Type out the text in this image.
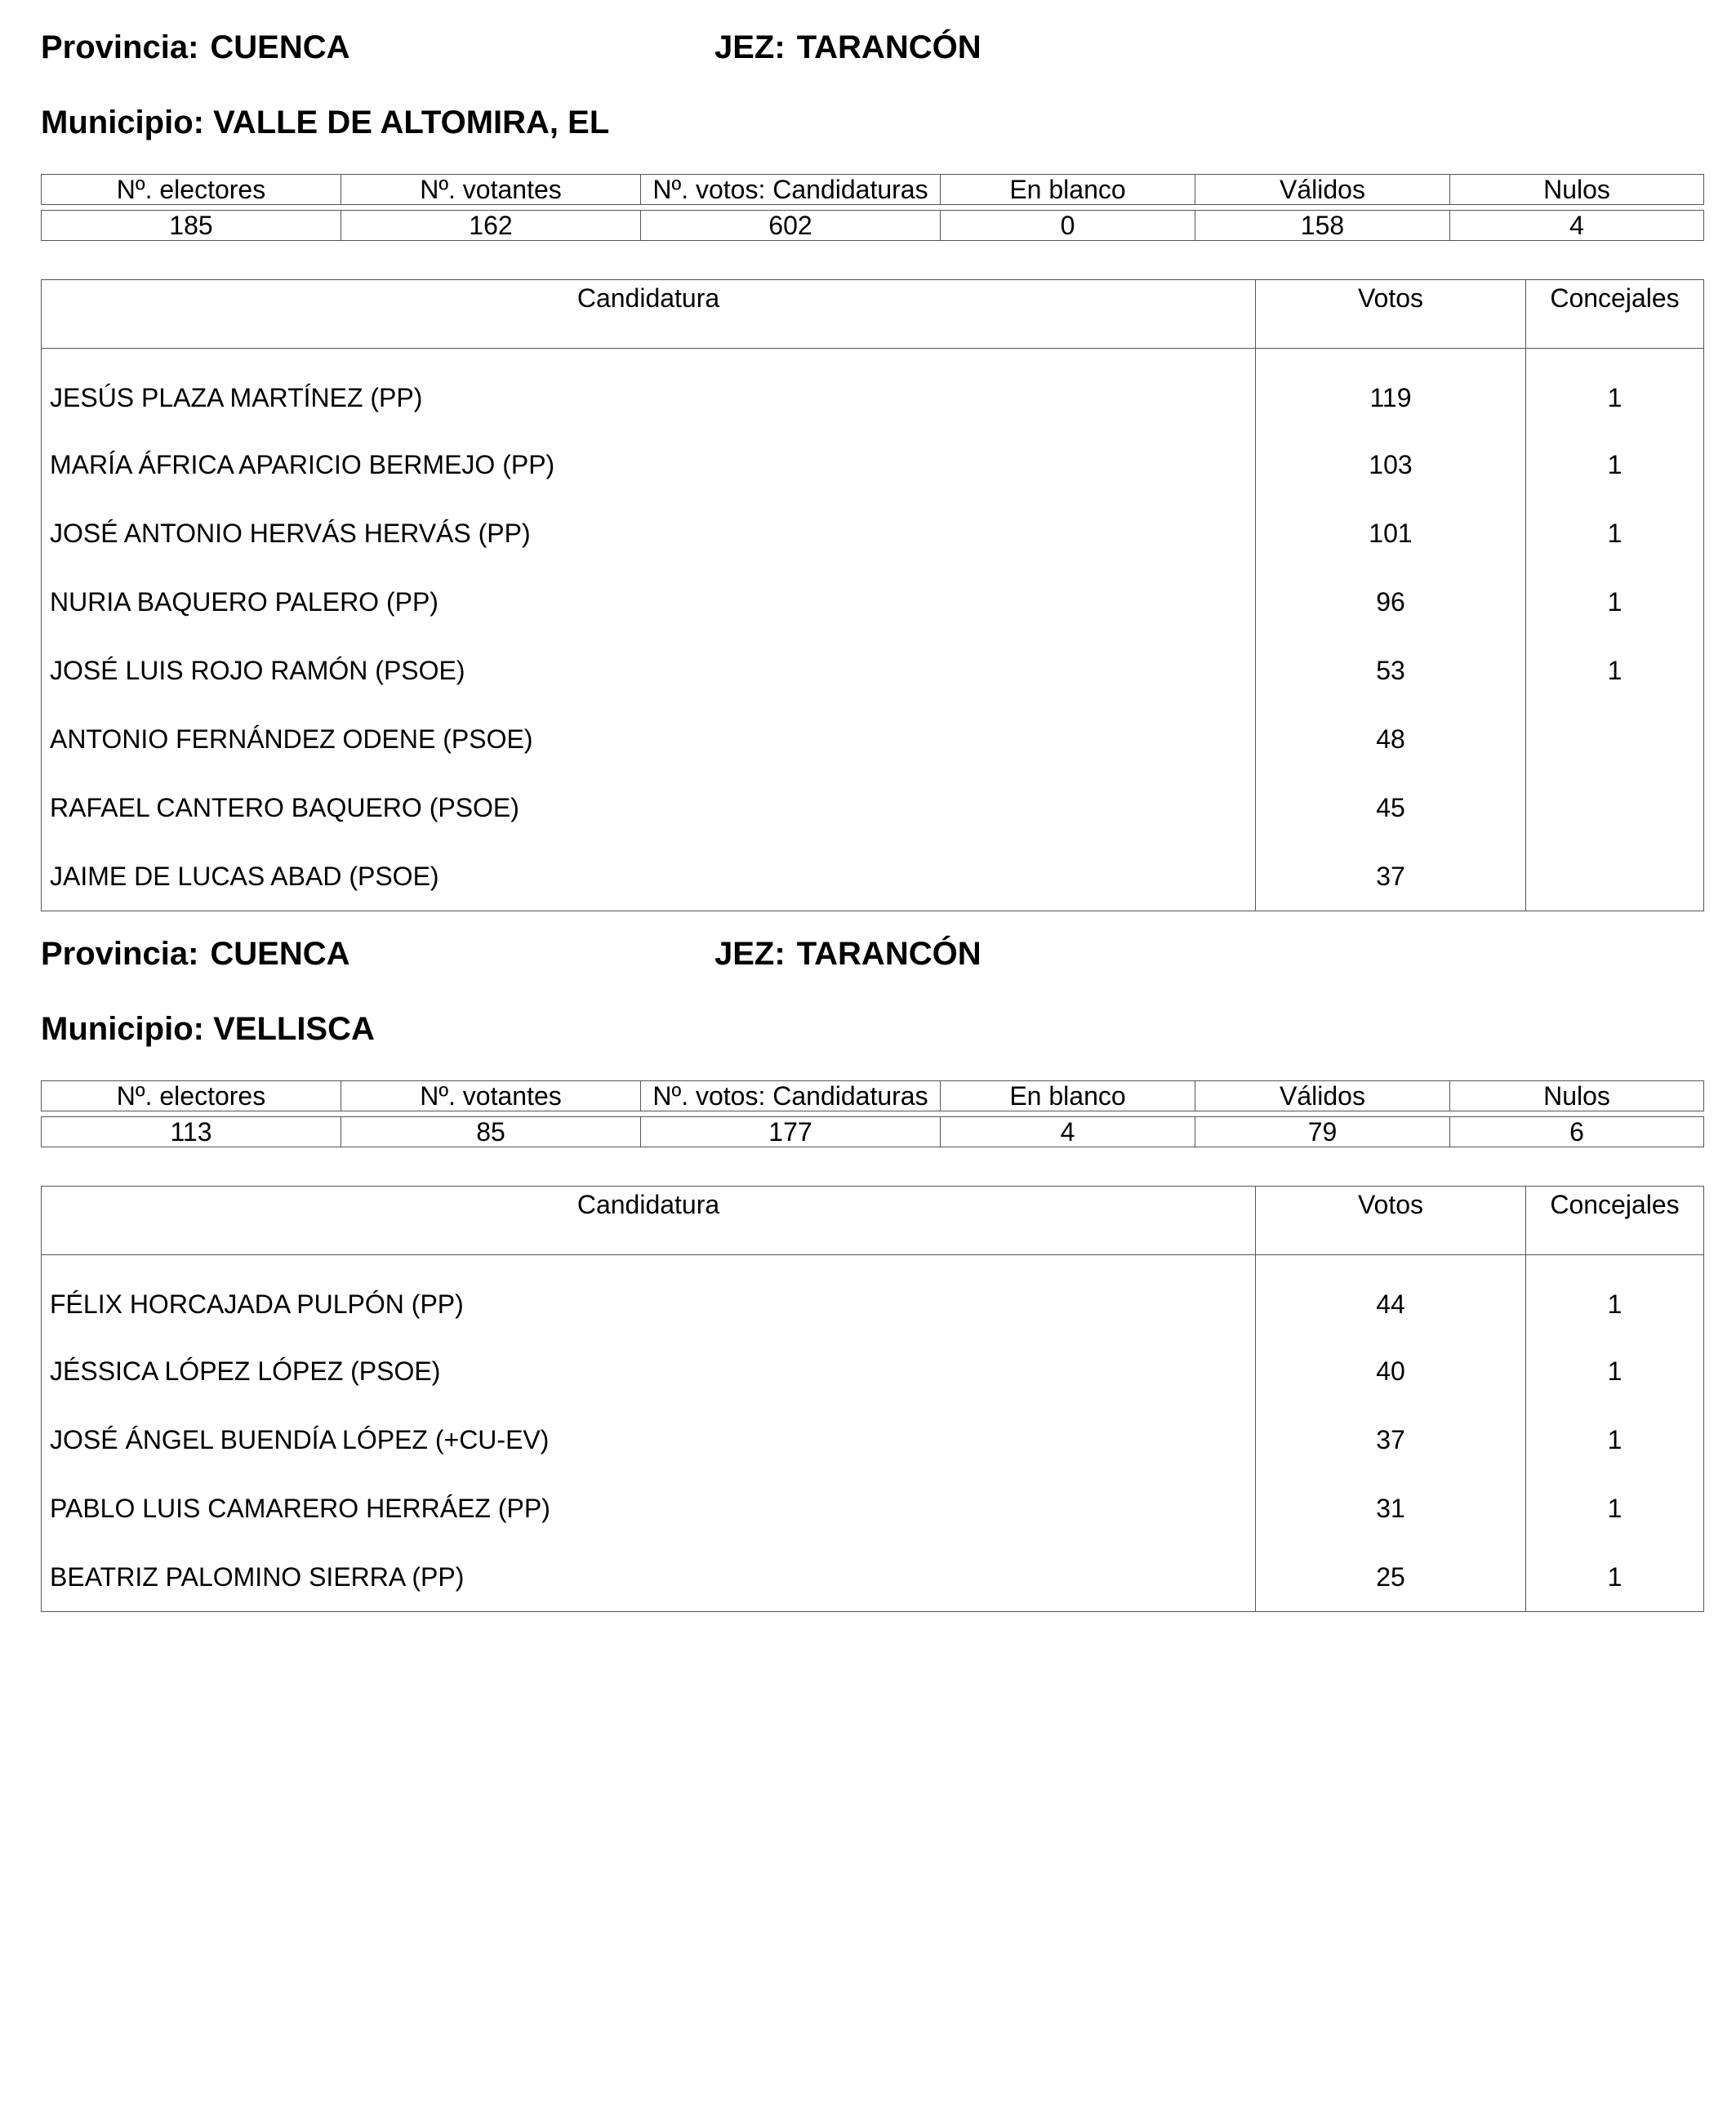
Provincia: CUENCA	JEZ: TARANCÓN
Municipio: VALLE DE ALTOMIRA, EL
Nº. electores	Nº. votantes	Nº. votos: Candidaturas	En blanco	Válidos	Nulos

185	162	602	0	158	4
Candidatura	Votos	Concejales
JESÚS PLAZA MARTÍNEZ (PP)	119	1
MARÍA ÁFRICA APARICIO BERMEJO (PP)	103	1
JOSÉ ANTONIO HERVÁS HERVÁS (PP)	101	1
NURIA BAQUERO PALERO (PP)	96	1
JOSÉ LUIS ROJO RAMÓN (PSOE)	53	1
ANTONIO FERNÁNDEZ ODENE (PSOE)	48	
RAFAEL CANTERO BAQUERO (PSOE)	45	
JAIME DE LUCAS ABAD (PSOE)	37	
Provincia: CUENCA	JEZ: TARANCÓN
Municipio: VELLISCA
Nº. electores	Nº. votantes	Nº. votos: Candidaturas	En blanco	Válidos	Nulos

113	85	177	4	79	6
Candidatura	Votos	Concejales
FÉLIX HORCAJADA PULPÓN (PP)	44	1
JÉSSICA LÓPEZ LÓPEZ (PSOE)	40	1
JOSÉ ÁNGEL BUENDÍA LÓPEZ (+CU-EV)	37	1
PABLO LUIS CAMARERO HERRÁEZ (PP)	31	1
BEATRIZ PALOMINO SIERRA (PP)	25	1
